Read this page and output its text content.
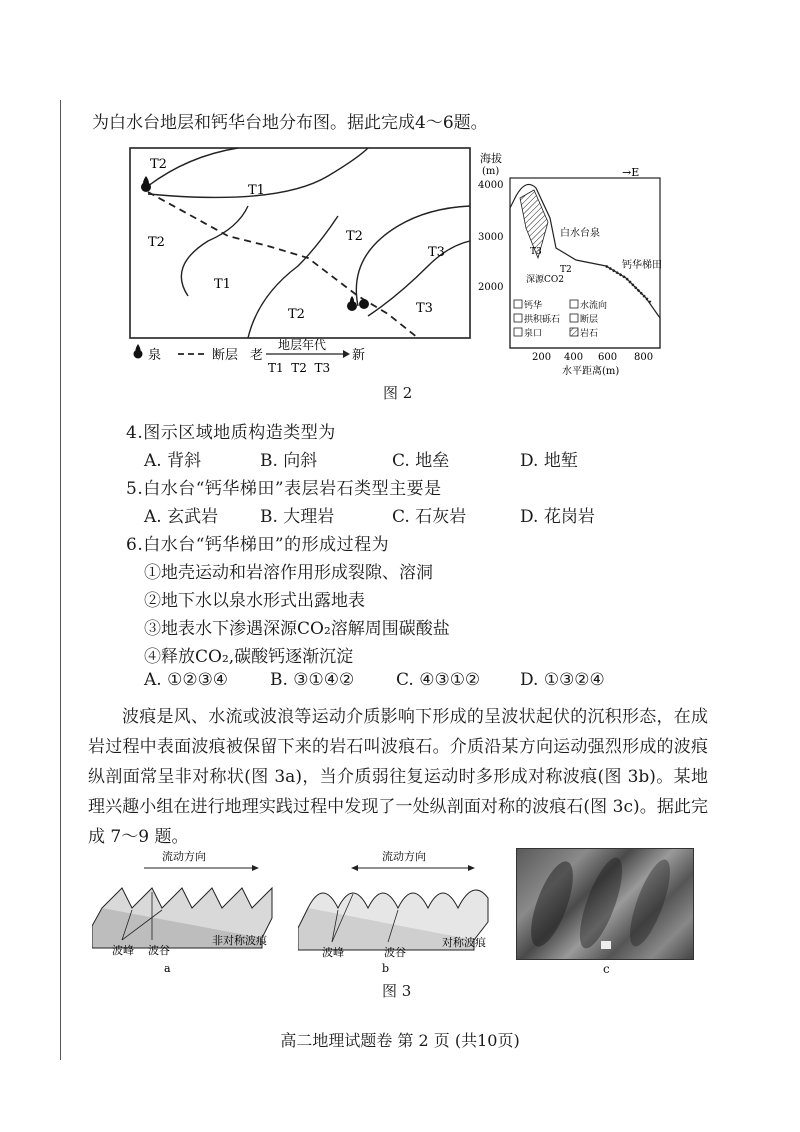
为白水台地层和钙华台地分布图。据此完成4～6题。
T2
T1
T2
T1
T2
T2
T3
T3
泉	断层 老
地层年代
新
T1  T2  T3
海拔
(m)
4000
3000
2000
→E
白水台泉
钙华梯田
T3
T2
深源CO2
钙华	水流向
拱积砾石 断层
泉口	岩石
200 400 600 800
水平距离(m)
图 2
4.图示区域地质构造类型为
A. 背斜	B. 向斜	C. 地垒	D. 地堑
5.白水台“钙华梯田”表层岩石类型主要是
A. 玄武岩 B. 大理岩	C. 石灰岩	D. 花岗岩
6.白水台“钙华梯田”的形成过程为
①地壳运动和岩溶作用形成裂隙、溶洞
②地下水以泉水形式出露地表
③地表水下渗遇深源CO₂溶解周围碳酸盐
④释放CO₂,碳酸钙逐渐沉淀
A. ①②③④ B. ③①④② C. ④③①② D. ①③②④
波痕是风、水流或波浪等运动介质影响下形成的呈波状起伏的沉积形态，在成岩过程中表面波痕被保留下来的岩石叫波痕石。介质沿某方向运动强烈形成的波痕纵剖面常呈非对称状(图 3a)，当介质弱往复运动时多形成对称波痕(图 3b)。某地理兴趣小组在进行地理实践过程中发现了一处纵剖面对称的波痕石(图 3c)。据此完成 7～9 题。
流动方向
波峰 波谷
非对称波痕
a
流动方向
波峰	波谷
对称波痕
b	c
图 3
高二地理试题卷 第 2 页 (共10页)
